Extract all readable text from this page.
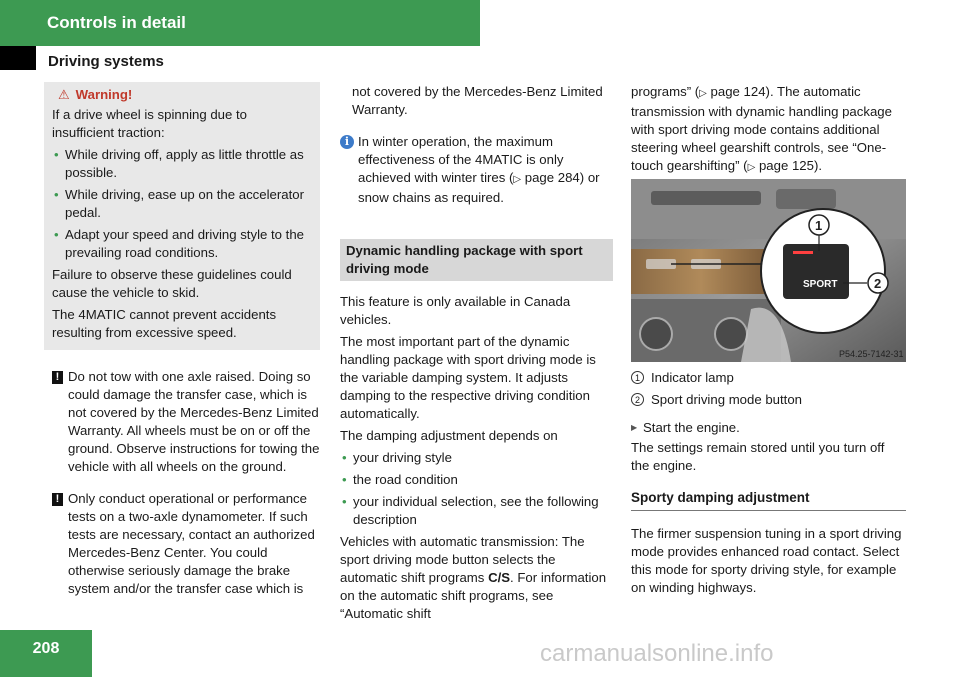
Controls in detail
Driving systems
⚠ Warning!

If a drive wheel is spinning due to insufficient traction:

• While driving off, apply as little throttle as possible.
• While driving, ease up on the accelerator pedal.
• Adapt your speed and driving style to the prevailing road conditions.

Failure to observe these guidelines could cause the vehicle to skid.

The 4MATIC cannot prevent accidents resulting from excessive speed.

! Do not tow with one axle raised. Doing so could damage the transfer case, which is not covered by the Mercedes-Benz Limited Warranty. All wheels must be on or off the ground. Observe instructions for towing the vehicle with all wheels on the ground.
! Only conduct operational or performance tests on a two-axle dynamometer. If such tests are necessary, contact an authorized Mercedes-Benz Center. You could otherwise seriously damage the brake system and/or the transfer case which is

not covered by the Mercedes-Benz Limited Warranty.

i In winter operation, the maximum effectiveness of the 4MATIC is only achieved with winter tires (▷ page 284) or snow chains as required.
Dynamic handling package with sport driving mode

This feature is only available in Canada vehicles.

The most important part of the dynamic handling package with sport driving mode is the variable damping system. It adjusts damping to the respective driving condition automatically.

The damping adjustment depends on

• your driving style
• the road condition
• your individual selection, see the following description

Vehicles with automatic transmission: The sport driving mode button selects the automatic shift programs C/S. For information on the automatic shift programs, see “Automatic shift

programs” (▷ page 124). The automatic transmission with dynamic handling package with sport driving mode contains additional steering wheel gearshift controls, see “One-touch gearshifting” (▷ page 125).

SPORT
1
2
P54.25-7142-31
1 Indicator lamp
2 Sport driving mode button
▶ Start the engine.

The settings remain stored until you turn off the engine.

Sporty damping adjustment

The firmer suspension tuning in a sport driving mode provides enhanced road contact. Select this mode for sporty driving style, for example on winding highways.

208	carmanualsonline.info
